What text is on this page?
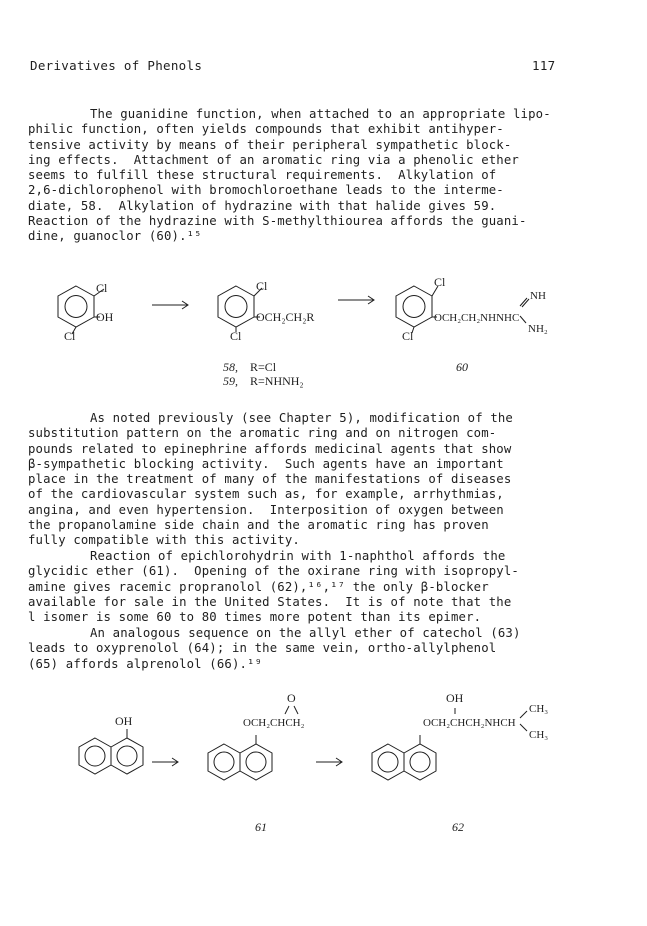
Derivatives of Phenols	117
The guanidine function, when attached to an appropriate lipo-
philic function, often yields compounds that exhibit antihyper-
tensive activity by means of their peripheral sympathetic block-
ing effects.  Attachment of an aromatic ring via a phenolic ether
seems to fulfill these structural requirements.  Alkylation of
2,6-dichlorophenol with bromochloroethane leads to the interme-
diate, 58.  Alkylation of hydrazine with that halide gives 59.
Reaction of the hydrazine with S-methylthiourea affords the guani-
dine, guanoclor (60).¹⁵
Cl
OH
Cl
Cl
OCH₂CH₂R
Cl
Cl
OCH₂CH₂NHNHC
NH
NH₂
Cl
58, R=Cl
59, R=NHNH₂
60
As noted previously (see Chapter 5), modification of the
substitution pattern on the aromatic ring and on nitrogen com-
pounds related to epinephrine affords medicinal agents that show
β-sympathetic blocking activity.  Such agents have an important
place in the treatment of many of the manifestations of diseases
of the cardiovascular system such as, for example, arrhythmias,
angina, and even hypertension.  Interposition of oxygen between
the propanolamine side chain and the aromatic ring has proven
fully compatible with this activity.
Reaction of epichlorohydrin with 1-naphthol affords the
glycidic ether (61).  Opening of the oxirane ring with isopropyl-
amine gives racemic propranolol (62),¹⁶,¹⁷ the only β-blocker
available for sale in the United States.  It is of note that the
l isomer is some 60 to 80 times more potent than its epimer.
An analogous sequence on the allyl ether of catechol (63)
leads to oxyprenolol (64); in the same vein, ortho-allylphenol
(65) affords alprenolol (66).¹⁹
OH
O
OCH₂CHCH₂
OH
OCH₂CHCH₂NHCH
CH₃
CH₃
61	62
